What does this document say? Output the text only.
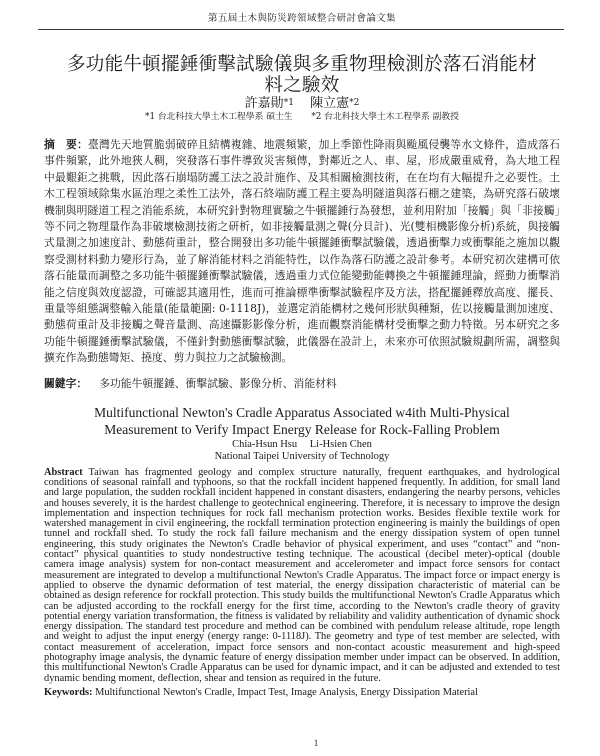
第五屆土木與防災跨領域整合研討會論文集
多功能牛頓擺錘衝擊試驗儀與多重物理檢測於落石消能材
料之驗效
許嘉勛*1 陳立憲*2
*1 台北科技大學土木工程學系 碩士生 *2 台北科技大學土木工程學系 副教授

摘　要：臺灣先天地質脆弱破碎且結構複雜、地震頻繁，加上季節性降雨與颱風侵襲等水文條件，造成落石事件頻繁，此外地狹人稠，突發落石事件導致災害頻傳，對鄰近之人、車、屋，形成嚴重威脅，為大地工程中最艱鉅之挑戰，因此落石崩塌防護工法之設計施作、及其相關檢測技術，在在均有大幅提升之必要性。土木工程領域除集水區治理之柔性工法外，落石終端防護工程主要為明隧道與落石棚之建築，為研究落石破壞機制與明隧道工程之消能系統，本研究針對物理實驗之牛頓擺錘行為發想，並利用附加「接觸」與「非接觸」等不同之物理量作為非破壞檢測技術之研析，如非接觸量測之聲(分貝計)、光(雙相機影像分析)系統，與接觸式量測之加速度計、動態荷重計，整合開發出多功能牛頓擺錘衝擊試驗儀，透過衝擊力或衝擊能之施加以觀察受測材料動力變形行為，並了解消能材料之消能特性，以作為落石防護之設計參考。本研究初次建構可依落石能量而調整之多功能牛頓擺錘衝擊試驗儀，透過重力式位能變動能轉換之牛頓擺錘理論，經動力衝擊消能之信度與效度認證，可確認其適用性，進而可推論標準衝擊試驗程序及方法，搭配擺錘釋放高度、擺長、重量等組態調整輸入能量(能量範圍: 0-1118J)，並選定消能構材之幾何形狀與種類，佐以接觸量測加速度、動態荷重計及非接觸之聲音量測、高速攝影影像分析，進而觀察消能構材受衝擊之動力特徵。另本研究之多功能牛頓擺錘衝擊試驗儀，不僅針對動態衝擊試驗，此儀器在設計上，未來亦可依照試驗規劃所需，調整與擴充作為動態彎矩、撓度、剪力與拉力之試驗檢測。

關鍵字： 多功能牛頓擺錘、衝擊試驗、影像分析、消能材料

Multifunctional Newton's Cradle Apparatus Associated w4ith Multi-Physical
Measurement to Verify Impact Energy Release for Rock-Falling Problem
Chia-Hsun Hsu Li-Hsien Chen
National Taipei University of Technology

Abstract Taiwan has fragmented geology and complex structure naturally, frequent earthquakes, and hydrological conditions of seasonal rainfall and typhoons, so that the rockfall incident happened frequently. In addition, for small land and large population, the sudden rockfall incident happened in constant disasters, endangering the nearby persons, vehicles and houses severely, it is the hardest challenge to geotechnical engineering. Therefore, it is necessary to improve the design implementation and inspection techniques for rock fall mechanism protection works. Besides flexible textile work for watershed management in civil engineering, the rockfall termination protection engineering is mainly the buildings of open tunnel and rockfall shed. To study the rock fall failure mechanism and the energy dissipation system of open tunnel engineering, this study originates the Newton's Cradle behavior of physical experiment, and uses “contact” and “non-contact” physical quantities to study nondestructive testing technique. The acoustical (decibel meter)-optical (double camera image analysis) system for non-contact measurement and accelerometer and impact force sensors for contact measurement are integrated to develop a multifunctional Newton's Cradle Apparatus. The impact force or impact energy is applied to observe the dynamic deformation of test material, the energy dissipation characteristic of material can be obtained as design reference for rockfall protection. This study builds the multifunctional Newton's Cradle Apparatus which can be adjusted according to the rockfall energy for the first time, according to the Newton's cradle theory of gravity potential energy variation transformation, the fitness is validated by reliability and validity authentication of dynamic shock energy dissipation. The standard test procedure and method can be combined with pendulum release altitude, rope length and weight to adjust the input energy (energy range: 0-1118J). The geometry and type of test member are selected, with contact measurement of acceleration, impact force sensors and non-contact acoustic measurement and high-speed photography image analysis, the dynamic feature of energy dissipation member under impact can be observed. In addition, this multifunctional Newton's Cradle Apparatus can be used for dynamic impact, and it can be adjusted and extended to test dynamic bending moment, deflection, shear and tension as required in the future.

Keywords: Multifunctional Newton's Cradle, Impact Test, Image Analysis, Energy Dissipation Material

1
